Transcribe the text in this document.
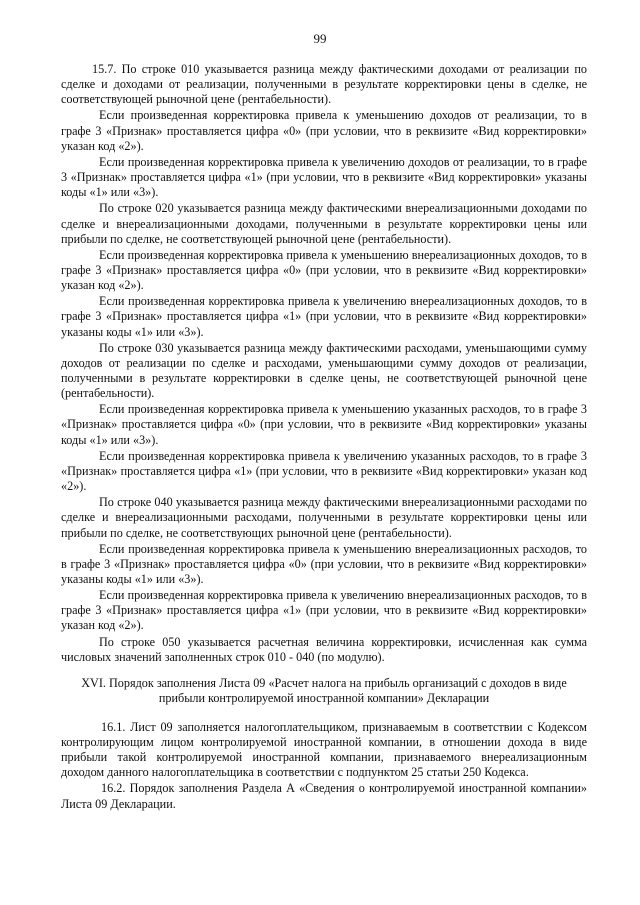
99

15.7. По строке 010 указывается разница между фактическими доходами от реализации по сделке и доходами от реализации, полученными в результате корректировки цены в сделке, не соответствующей рыночной цене (рентабельности).

Если произведенная корректировка привела к уменьшению доходов от реализации, то в графе 3 «Признак» проставляется цифра «0» (при условии, что в реквизите «Вид корректировки» указан код «2»).

Если произведенная корректировка привела к увеличению доходов от реализации, то в графе 3 «Признак» проставляется цифра «1» (при условии, что в реквизите «Вид корректировки» указаны коды «1» или «3»).

По строке 020 указывается разница между фактическими внереализационными доходами по сделке и внереализационными доходами, полученными в результате корректировки цены или прибыли по сделке, не соответствующей рыночной цене (рентабельности).

Если произведенная корректировка привела к уменьшению внереализационных доходов, то в графе 3 «Признак» проставляется цифра «0» (при условии, что в реквизите «Вид корректировки» указан код «2»).

Если произведенная корректировка привела к увеличению внереализационных доходов, то в графе 3 «Признак» проставляется цифра «1» (при условии, что в реквизите «Вид корректировки» указаны коды «1» или «3»).

По строке 030 указывается разница между фактическими расходами, уменьшающими сумму доходов от реализации по сделке и расходами, уменьшающими сумму доходов от реализации, полученными в результате корректировки в сделке цены, не соответствующей рыночной цене (рентабельности).

Если произведенная корректировка привела к уменьшению указанных расходов, то в графе 3 «Признак» проставляется цифра «0» (при условии, что в реквизите «Вид корректировки» указаны коды «1» или «3»).

Если произведенная корректировка привела к увеличению указанных расходов, то в графе 3 «Признак» проставляется цифра «1» (при условии, что в реквизите «Вид корректировки» указан код «2»).

По строке 040 указывается разница между фактическими внереализационными расходами по сделке и внереализационными расходами, полученными в результате корректировки цены или прибыли по сделке, не соответствующих рыночной цене (рентабельности).

Если произведенная корректировка привела к уменьшению внереализационных расходов, то в графе 3 «Признак» проставляется цифра «0» (при условии, что в реквизите «Вид корректировки» указаны коды «1» или «3»).

Если произведенная корректировка привела к увеличению внереализационных расходов, то в графе 3 «Признак» проставляется цифра «1» (при условии, что в реквизите «Вид корректировки» указан код «2»).

По строке 050 указывается расчетная величина корректировки, исчисленная как сумма числовых значений заполненных строк 010 - 040 (по модулю).

XVI. Порядок заполнения Листа 09 «Расчет налога на прибыль организаций с доходов в виде прибыли контролируемой иностранной компании» Декларации

16.1. Лист 09 заполняется налогоплательщиком, признаваемым в соответствии с Кодексом контролирующим лицом контролируемой иностранной компании, в отношении дохода в виде прибыли такой контролируемой иностранной компании, признаваемого внереализационным доходом данного налогоплательщика в соответствии с подпунктом 25 статьи 250 Кодекса.

16.2. Порядок заполнения Раздела А «Сведения о контролируемой иностранной компании» Листа 09 Декларации.
